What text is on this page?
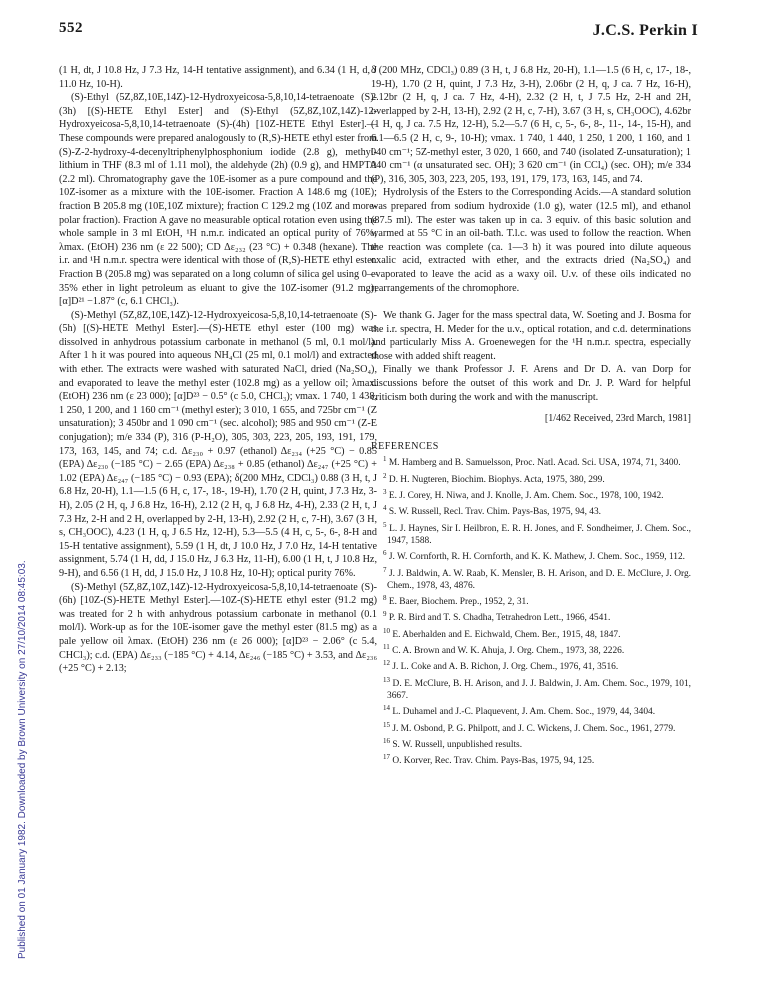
552	J.C.S. Perkin I
Published on 01 January 1982. Downloaded by Brown University on 27/10/2014 08:45:03.

(1 H, dt, J 10.8 Hz, J 7.3 Hz, 14-H tentative assignment), and 6.34 (1 H, d, J 11.0 Hz, 10-H).

(S)-Ethyl (5Z,8Z,10E,14Z)-12-Hydroxyeicosa-5,8,10,14-tetraenoate (S)-(3h) [(S)-HETE Ethyl Ester] and (S)-Ethyl (5Z,8Z,10Z,14Z)-12-Hydroxyeicosa-5,8,10,14-tetraenoate (S)-(4h) [10Z-HETE Ethyl Ester].—These compounds were prepared analogously to (R,S)-HETE ethyl ester from (S)-Z-2-hydroxy-4-decenyltriphenylphosphonium iodide (2.8 g), methyl-lithium in THF (8.3 ml of 1.11 mol), the aldehyde (2h) (0.9 g), and HMPTA (2.2 ml). Chromatography gave the 10E-isomer as a pure compound and the 10Z-isomer as a mixture with the 10E-isomer. Fraction A 148.6 mg (10E); fraction B 205.8 mg (10E,10Z mixture); fraction C 129.2 mg (10Z and more-polar fraction). Fraction A gave no measurable optical rotation even using the whole sample in 3 ml EtOH, ¹H n.m.r. indicated an optical purity of 76%; λmax. (EtOH) 236 nm (ε 22 500); CD Δε₂₃₂ (23 °C) + 0.348 (hexane). The i.r. and ¹H n.m.r. spectra were identical with those of (R,S)-HETE ethyl ester. Fraction B (205.8 mg) was separated on a long column of silica gel using 0—35% ether in light petroleum as eluant to give the 10Z-isomer (91.2 mg); [α]D²¹ −1.87° (c, 6.1 CHCl₃).

(S)-Methyl (5Z,8Z,10E,14Z)-12-Hydroxyeicosa-5,8,10,14-tetraenoate (S)-(5h) [(S)-HETE Methyl Ester].—(S)-HETE ethyl ester (100 mg) was dissolved in anhydrous potassium carbonate in methanol (5 ml, 0.1 mol/l). After 1 h it was poured into aqueous NH₄Cl (25 ml, 0.1 mol/l) and extracted with ether. The extracts were washed with saturated NaCl, dried (Na₂SO₄), and evaporated to leave the methyl ester (102.8 mg) as a yellow oil; λmax. (EtOH) 236 nm (ε 23 000); [α]D²³ − 0.5° (c 5.0, CHCl₃); νmax. 1 740, 1 438, 1 250, 1 200, and 1 160 cm⁻¹ (methyl ester); 3 010, 1 655, and 725br cm⁻¹ (Z unsaturation); 3 450br and 1 090 cm⁻¹ (sec. alcohol); 985 and 950 cm⁻¹ (Z-E conjugation); m/e 334 (P), 316 (P-H₂O), 305, 303, 223, 205, 193, 191, 179, 173, 163, 145, and 74; c.d. Δε₂₃₀ + 0.97 (ethanol) Δε₂₃₄ (+25 °C) − 0.85 (EPA) Δε₂₃₀ (−185 °C) − 2.65 (EPA) Δε₂₃₈ + 0.85 (ethanol) Δε₂₄₇ (+25 °C) + 1.02 (EPA) Δε₂₄₇ (−185 °C) − 0.93 (EPA); δ(200 MHz, CDCl₃) 0.88 (3 H, t, J 6.8 Hz, 20-H), 1.1—1.5 (6 H, c, 17-, 18-, 19-H), 1.70 (2 H, quint, J 7.3 Hz, 3-H), 2.05 (2 H, q, J 6.8 Hz, 16-H), 2.12 (2 H, q, J 6.8 Hz, 4-H), 2.33 (2 H, t, J 7.3 Hz, 2-H and 2 H, overlapped by 2-H, 13-H), 2.92 (2 H, c, 7-H), 3.67 (3 H, s, CH₃OOC), 4.23 (1 H, q, J 6.5 Hz, 12-H), 5.3—5.5 (4 H, c, 5-, 6-, 8-H and 15-H tentative assignment), 5.59 (1 H, dt, J 10.0 Hz, J 7.0 Hz, 14-H tentative assignment, 5.74 (1 H, dd, J 15.0 Hz, J 6.3 Hz, 11-H), 6.00 (1 H, t, J 10.8 Hz, 9-H), and 6.56 (1 H, dd, J 15.0 Hz, J 10.8 Hz, 10-H); optical purity 76%.

(S)-Methyl (5Z,8Z,10Z,14Z)-12-Hydroxyeicosa-5,8,10,14-tetraenoate (S)-(6h) [10Z-(S)-HETE Methyl Ester].—10Z-(S)-HETE ethyl ester (91.2 mg) was treated for 2 h with anhydrous potassium carbonate in methanol (0.1 mol/l). Work-up as for the 10E-isomer gave the methyl ester (81.5 mg) as a pale yellow oil λmax. (EtOH) 236 nm (ε 26 000); [α]D²³ − 2.06° (c 5.4, CHCl₃); c.d. (EPA) Δε₂₃₃ (−185 °C) + 4.14, Δε₂₄₆ (−185 °C) + 3.53, and Δε₂₃₆ (+25 °C) + 2.13;

δ (200 MHz, CDCl₃) 0.89 (3 H, t, J 6.8 Hz, 20-H), 1.1—1.5 (6 H, c, 17-, 18-, 19-H), 1.70 (2 H, quint, J 7.3 Hz, 3-H), 2.06br (2 H, q, J ca. 7 Hz, 16-H), 2.12br (2 H, q, J ca. 7 Hz, 4-H), 2.32 (2 H, t, J 7.5 Hz, 2-H and 2H, overlapped by 2-H, 13-H), 2.92 (2 H, c, 7-H), 3.67 (3 H, s, CH₃OOC), 4.62br (1 H, q, J ca. 7.5 Hz, 12-H), 5.2—5.7 (6 H, c, 5-, 6-, 8-, 11-, 14-, 15-H), and 6.1—6.5 (2 H, c, 9-, 10-H); νmax. 1 740, 1 440, 1 250, 1 200, 1 160, and 1 040 cm⁻¹; 5Z-methyl ester, 3 020, 1 660, and 740 (isolated Z-unsaturation); 1 040 cm⁻¹ (α unsaturated sec. OH); 3 620 cm⁻¹ (in CCl₄) (sec. OH); m/e 334 (P), 316, 305, 303, 223, 205, 193, 191, 179, 173, 163, 145, and 74.

Hydrolysis of the Esters to the Corresponding Acids.—A standard solution was prepared from sodium hydroxide (1.0 g), water (12.5 ml), and ethanol (87.5 ml). The ester was taken up in ca. 3 equiv. of this basic solution and warmed at 55 °C in an oil-bath. T.l.c. was used to follow the reaction. When the reaction was complete (ca. 1—3 h) it was poured into dilute aqueous oxalic acid, extracted with ether, and the extracts dried (Na₂SO₄) and evaporated to leave the acid as a waxy oil. U.v. of these oils indicated no rearrangements of the chromophore.

We thank G. Jager for the mass spectral data, W. Soeting and J. Bosma for the i.r. spectra, H. Meder for the u.v., optical rotation, and c.d. determinations and particularly Miss A. Groenewegen for the ¹H n.m.r. spectra, especially those with added shift reagent.

Finally we thank Professor J. F. Arens and Dr D. A. van Dorp for discussions before the outset of this work and Dr. J. P. Ward for helpful criticism both during the work and with the manuscript.

[1/462 Received, 23rd March, 1981]

REFERENCES

$^1$ M. Hamberg and B. Samuelsson, Proc. Natl. Acad. Sci. USA, 1974, 71, 3400.

$^2$ D. H. Nugteren, Biochim. Biophys. Acta, 1975, 380, 299.

$^3$ E. J. Corey, H. Niwa, and J. Knolle, J. Am. Chem. Soc., 1978, 100, 1942.

$^4$ S. W. Russell, Recl. Trav. Chim. Pays-Bas, 1975, 94, 43.

$^5$ L. J. Haynes, Sir I. Heilbron, E. R. H. Jones, and F. Sondheimer, J. Chem. Soc., 1947, 1588.

$^6$ J. W. Cornforth, R. H. Cornforth, and K. K. Mathew, J. Chem. Soc., 1959, 112.

$^7$ J. J. Baldwin, A. W. Raab, K. Mensler, B. H. Arison, and D. E. McClure, J. Org. Chem., 1978, 43, 4876.

$^8$ E. Baer, Biochem. Prep., 1952, 2, 31.

$^9$ P. R. Bird and T. S. Chadha, Tetrahedron Lett., 1966, 4541.

$^{10}$ E. Aberhalden and E. Eichwald, Chem. Ber., 1915, 48, 1847.

$^{11}$ C. A. Brown and W. K. Ahuja, J. Org. Chem., 1973, 38, 2226.

$^{12}$ J. L. Coke and A. B. Richon, J. Org. Chem., 1976, 41, 3516.

$^{13}$ D. E. McClure, B. H. Arison, and J. J. Baldwin, J. Am. Chem. Soc., 1979, 101, 3667.

$^{14}$ L. Duhamel and J.-C. Plaquevent, J. Am. Chem. Soc., 1979, 44, 3404.

$^{15}$ J. M. Osbond, P. G. Philpott, and J. C. Wickens, J. Chem. Soc., 1961, 2779.

$^{16}$ S. W. Russell, unpublished results.

$^{17}$ O. Korver, Rec. Trav. Chim. Pays-Bas, 1975, 94, 125.
